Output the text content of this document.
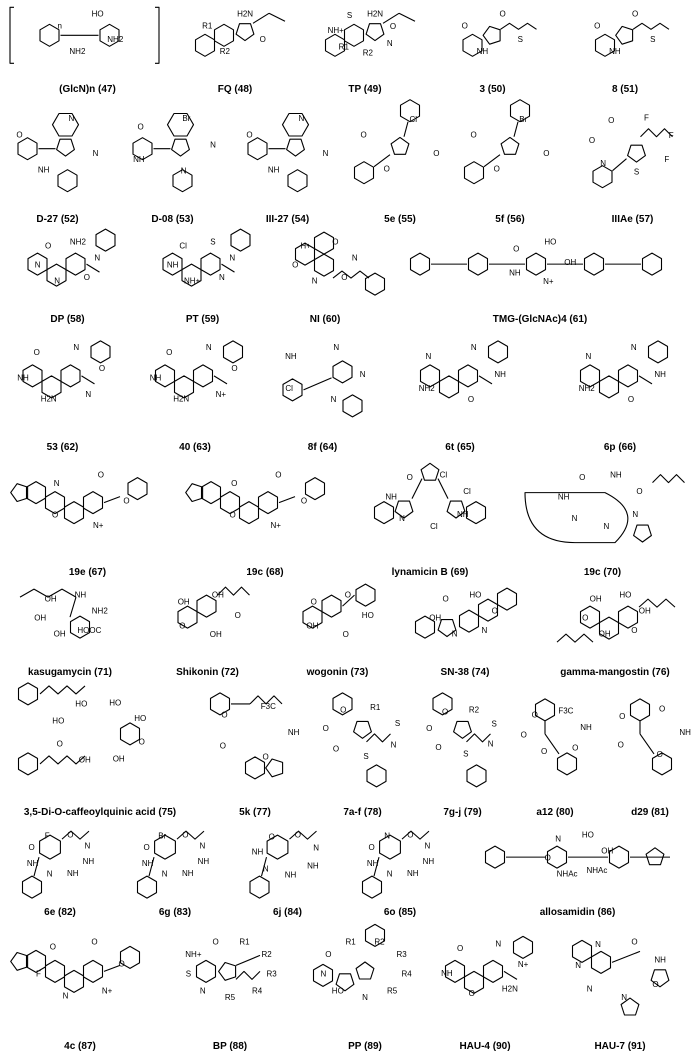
HO
NH2
NH2
n
(GlcN)n (47)
H2N
O
R2
R1
FQ (48)
H2N
O
N
R2
R1
NH+
S
TP (49)
O
S
NH
O
3 (50)
O
S
NH
O
8 (51)
N
N
NH
O
D-27 (52)
Br
N
N
NH
O
D-08 (53)
N
N
NH
O
III-27 (54)
Cl
O
O
O
5e (55)
Br
O
O
O
5f (56)
F
F
F
S
N
O
O
IIIAe (57)
NH2
N
O
N
N
O
DP (58)
S
N
N
NH+
NH
Cl
PT (59)
O
N
O
N
O
H+
NI (60)
HO
OH
N+
NH
O
TMG-(GlcNAc)4 (61)
N
O
N
H2N
NH
O
53 (62)
N
O
N+
H2N
NH
O
40 (63)
N
N
N
Cl
NH
8f (64)
N
NH
O
NH2
N
6t (65)
N
NH
O
NH2
N
6p (66)
O
O
N+
O
N
19e (67)
O
O
N+
O
O
19c (68)
Cl
Cl
NH
Cl
N
NH
O
lynamicin B (69)
NH
O
N
N
N
NH
O
19c (70)
NH
NH2
HOOC
OH
OH
OH
kasugamycin (71)
OH
O
OH
O
OH
Shikonin (72)
O
HO
O
OH
O
wogonin (73)
HO
O
N
N
OH
O
SN-38 (74)
HO
OH
O
OH
O
OH
gamma-mangostin (76)
HO
HO
O
OH
OH
O
HO
HO
3,5-Di-O-caffeoylquinic acid (75)
F3C
NH
O
O
O
5k (77)
R1
S
N
S
O
O
O
7a-f (78)
R2
S
N
S
O
O
O
7g-j (79)
F3C
NH
O
O
O
O
a12 (80)
O
NH
O
O
O
d29 (81)
O
N
NH
NH
N
NH
O
F
6e (82)
O
N
NH
NH
N
NH
O
Br
6g (83)
O
N
NH
NH
N
NH
O
6j (84)
O
N
NH
NH
N
NH
O
N
6o (85)
HO
OH
NHAc
NHAc
O
N
allosamidin (86)
O
O
N+
N
F
O
4c (87)
R1
R2
R3
R4
R5
N
S
NH+
O
BP (88)
R2
R3
R4
R5
N
HO
N
O
R1
PP (89)
N
N+
H2N
O
NH
O
HAU-4 (90)
O
NH
O
N
N
N
N
HAU-7 (91)
